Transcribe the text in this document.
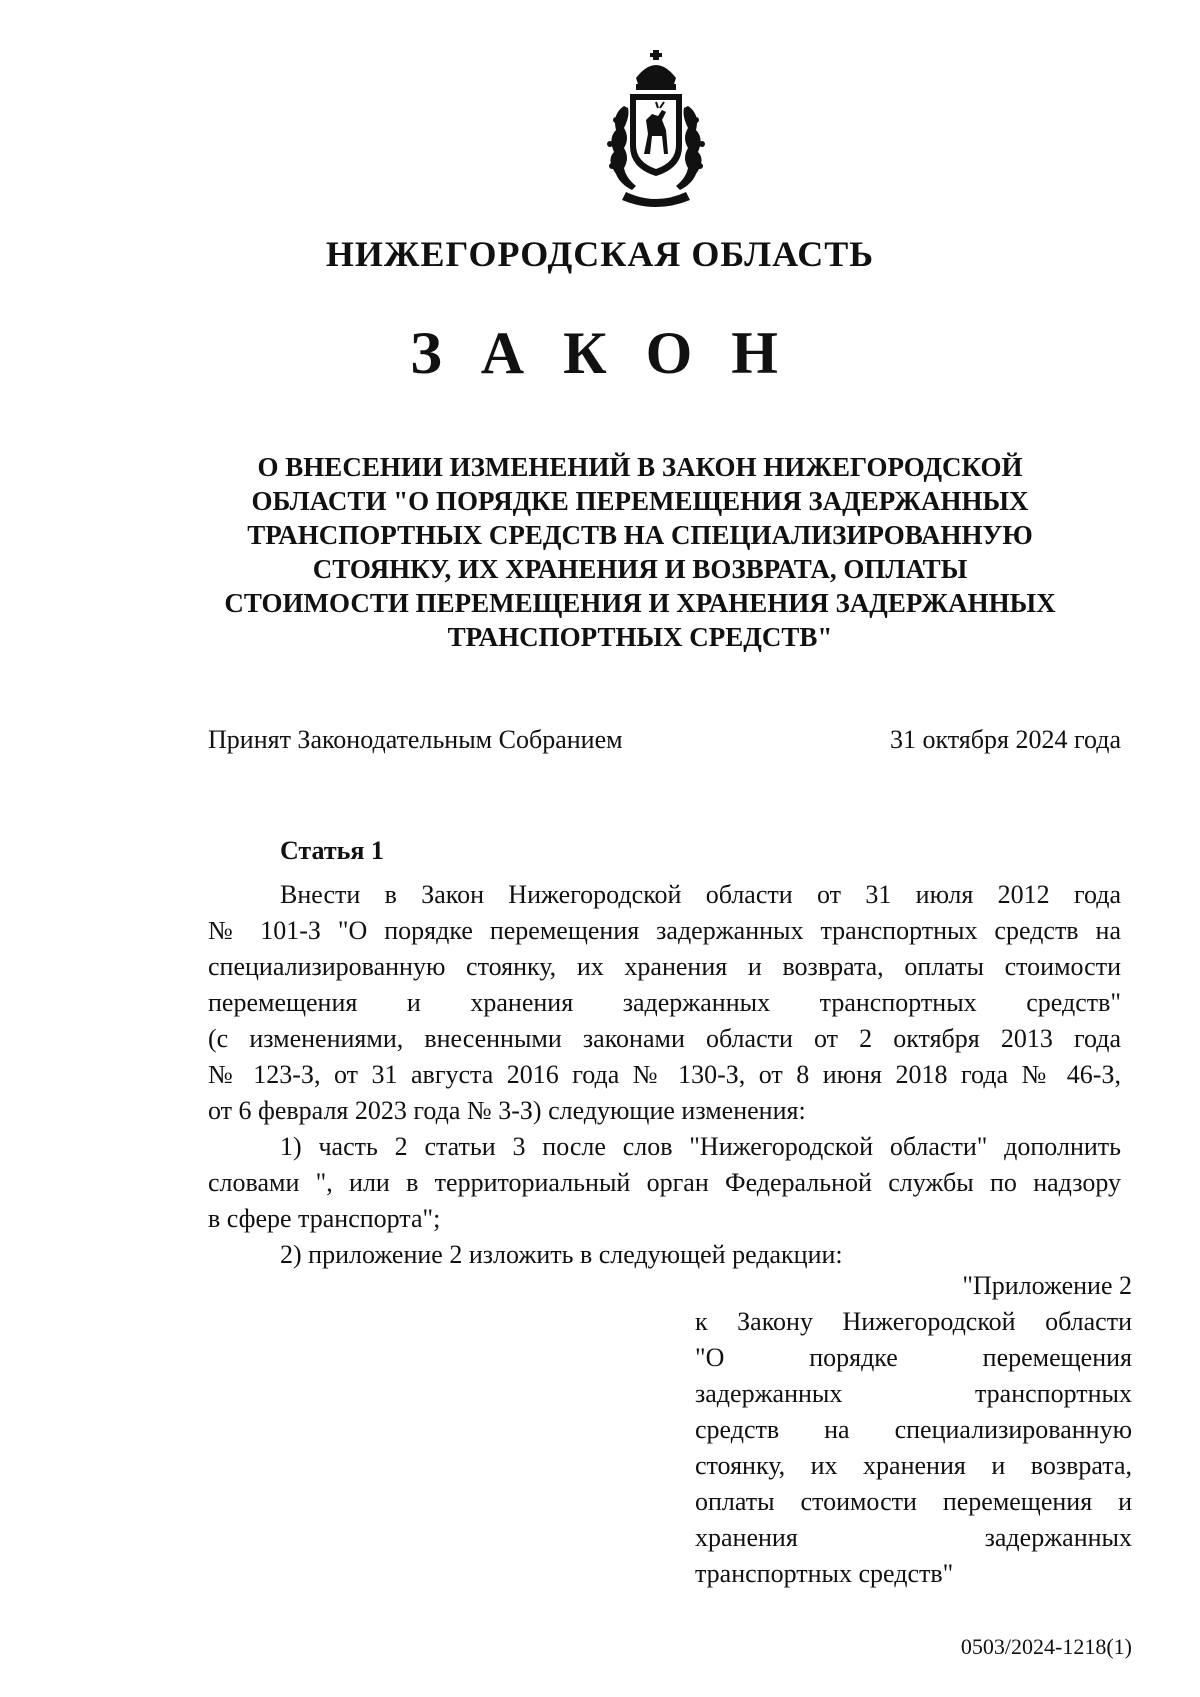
НИЖЕГОРОДСКАЯ ОБЛАСТЬ
З А К О Н
О ВНЕСЕНИИ ИЗМЕНЕНИЙ В ЗАКОН НИЖЕГОРОДСКОЙ
ОБЛАСТИ "О ПОРЯДКЕ ПЕРЕМЕЩЕНИЯ ЗАДЕРЖАННЫХ
ТРАНСПОРТНЫХ СРЕДСТВ НА СПЕЦИАЛИЗИРОВАННУЮ
СТОЯНКУ, ИХ ХРАНЕНИЯ И ВОЗВРАТА, ОПЛАТЫ
СТОИМОСТИ ПЕРЕМЕЩЕНИЯ И ХРАНЕНИЯ ЗАДЕРЖАННЫХ
ТРАНСПОРТНЫХ СРЕДСТВ"
Принят Законодательным Собранием	31 октября 2024 года
Статья 1
Внести в Закон Нижегородской области от 31 июля 2012 года
№ 101-З "О порядке перемещения задержанных транспортных средств на
специализированную стоянку, их хранения и возврата, оплаты стоимости
перемещения и хранения задержанных транспортных средств"
(с изменениями, внесенными законами области от 2 октября 2013 года
№ 123-З, от 31 августа 2016 года № 130-З, от 8 июня 2018 года № 46-З,
от 6 февраля 2023 года № 3-З) следующие изменения:
1) часть 2 статьи 3 после слов "Нижегородской области" дополнить
словами ", или в территориальный орган Федеральной службы по надзору
в сфере транспорта";
2) приложение 2 изложить в следующей редакции:
"Приложение 2
к Закону Нижегородской области
"О порядке перемещения
задержанных транспортных
средств на специализированную
стоянку, их хранения и возврата,
оплаты стоимости перемещения и
хранения задержанных
транспортных средств"
0503/2024-1218(1)
